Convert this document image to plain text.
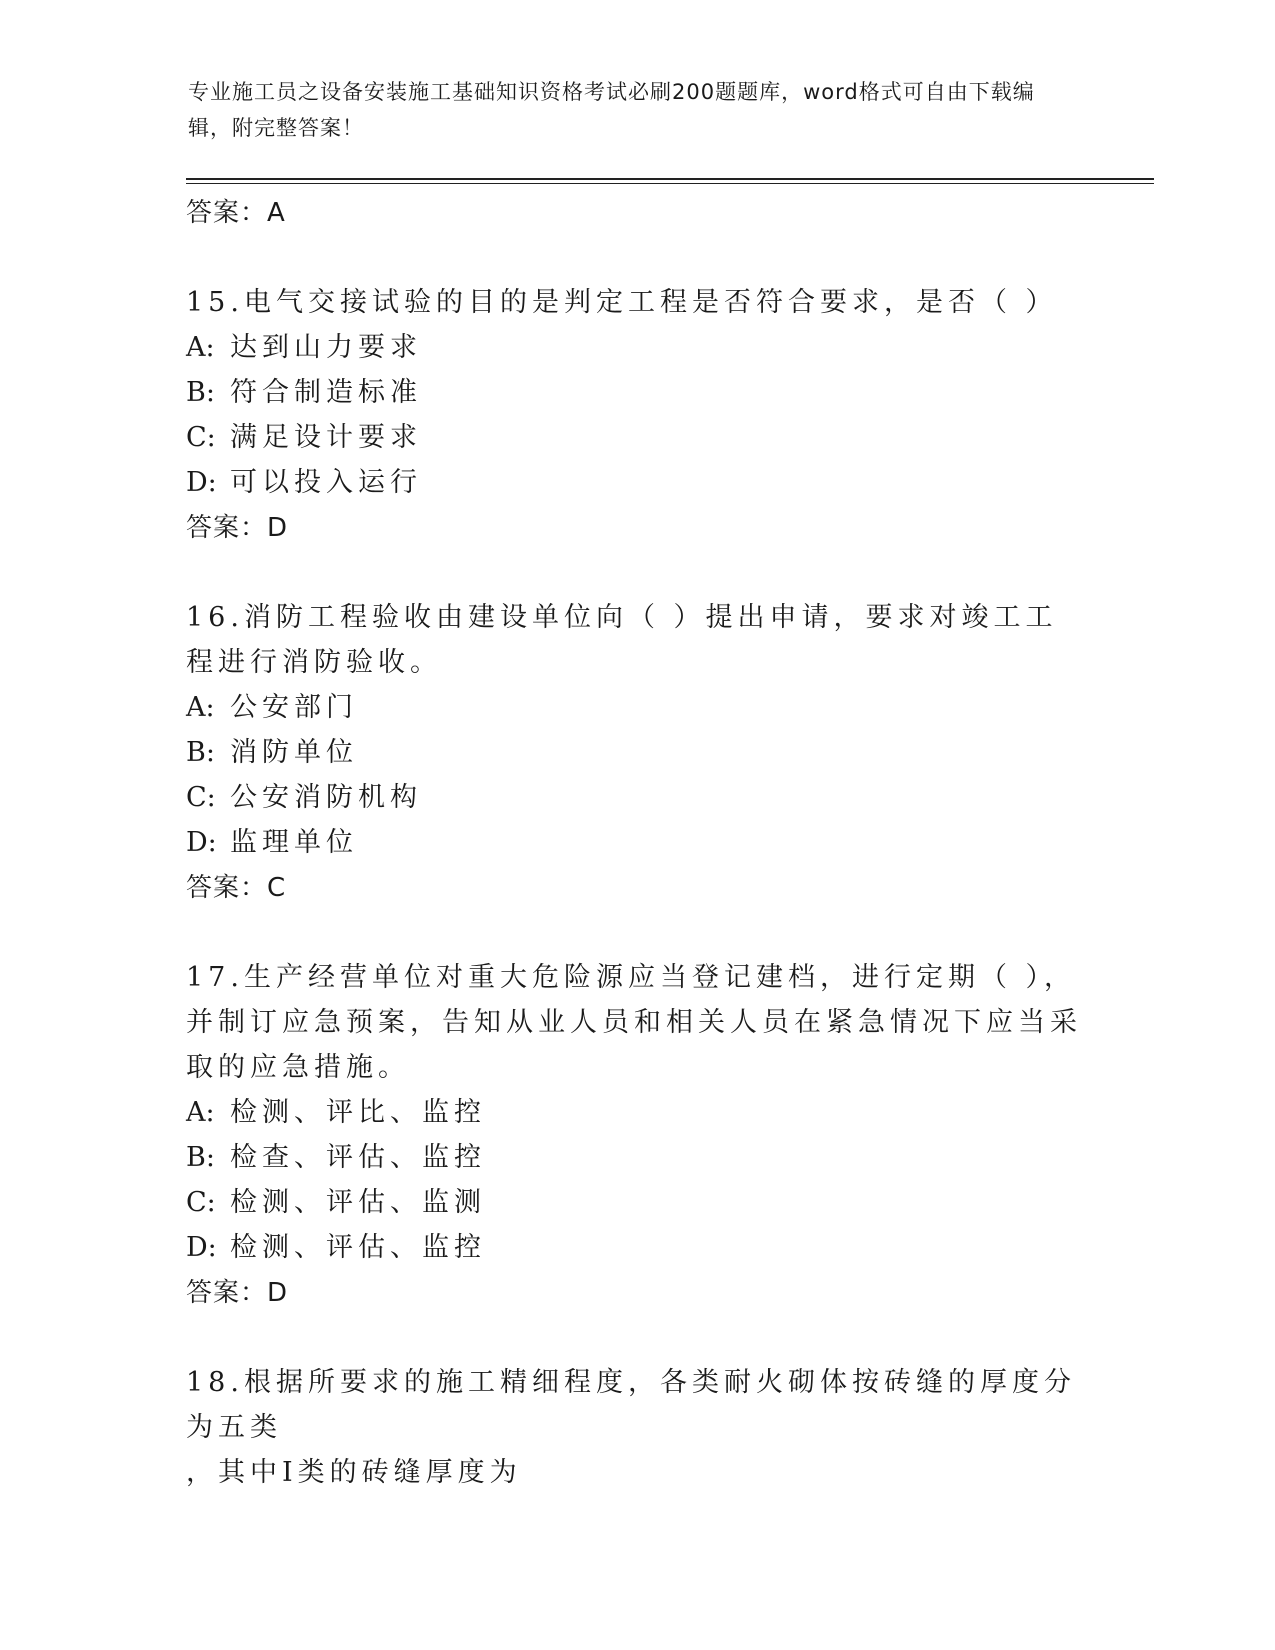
专业施工员之设备安装施工基础知识资格考试必刷200题题库，word格式可自由下载编辑，附完整答案！
答案：A
15.电气交接试验的目的是判定工程是否符合要求，是否（ ）
A: 达到山力要求
B: 符合制造标准
C: 满足设计要求
D: 可以投入运行
答案：D
16.消防工程验收由建设单位向（ ）提出申请，要求对竣工工程进行消防验收。
A: 公安部门
B: 消防单位
C: 公安消防机构
D: 监理单位
答案：C
17.生产经营单位对重大危险源应当登记建档，进行定期（ ），并制订应急预案，告知从业人员和相关人员在紧急情况下应当采取的应急措施。
A: 检测、评比、监控
B: 检查、评估、监控
C: 检测、评估、监测
D: 检测、评估、监控
答案：D
18.根据所要求的施工精细程度，各类耐火砌体按砖缝的厚度分为五类
，其中Ⅰ类的砖缝厚度为
